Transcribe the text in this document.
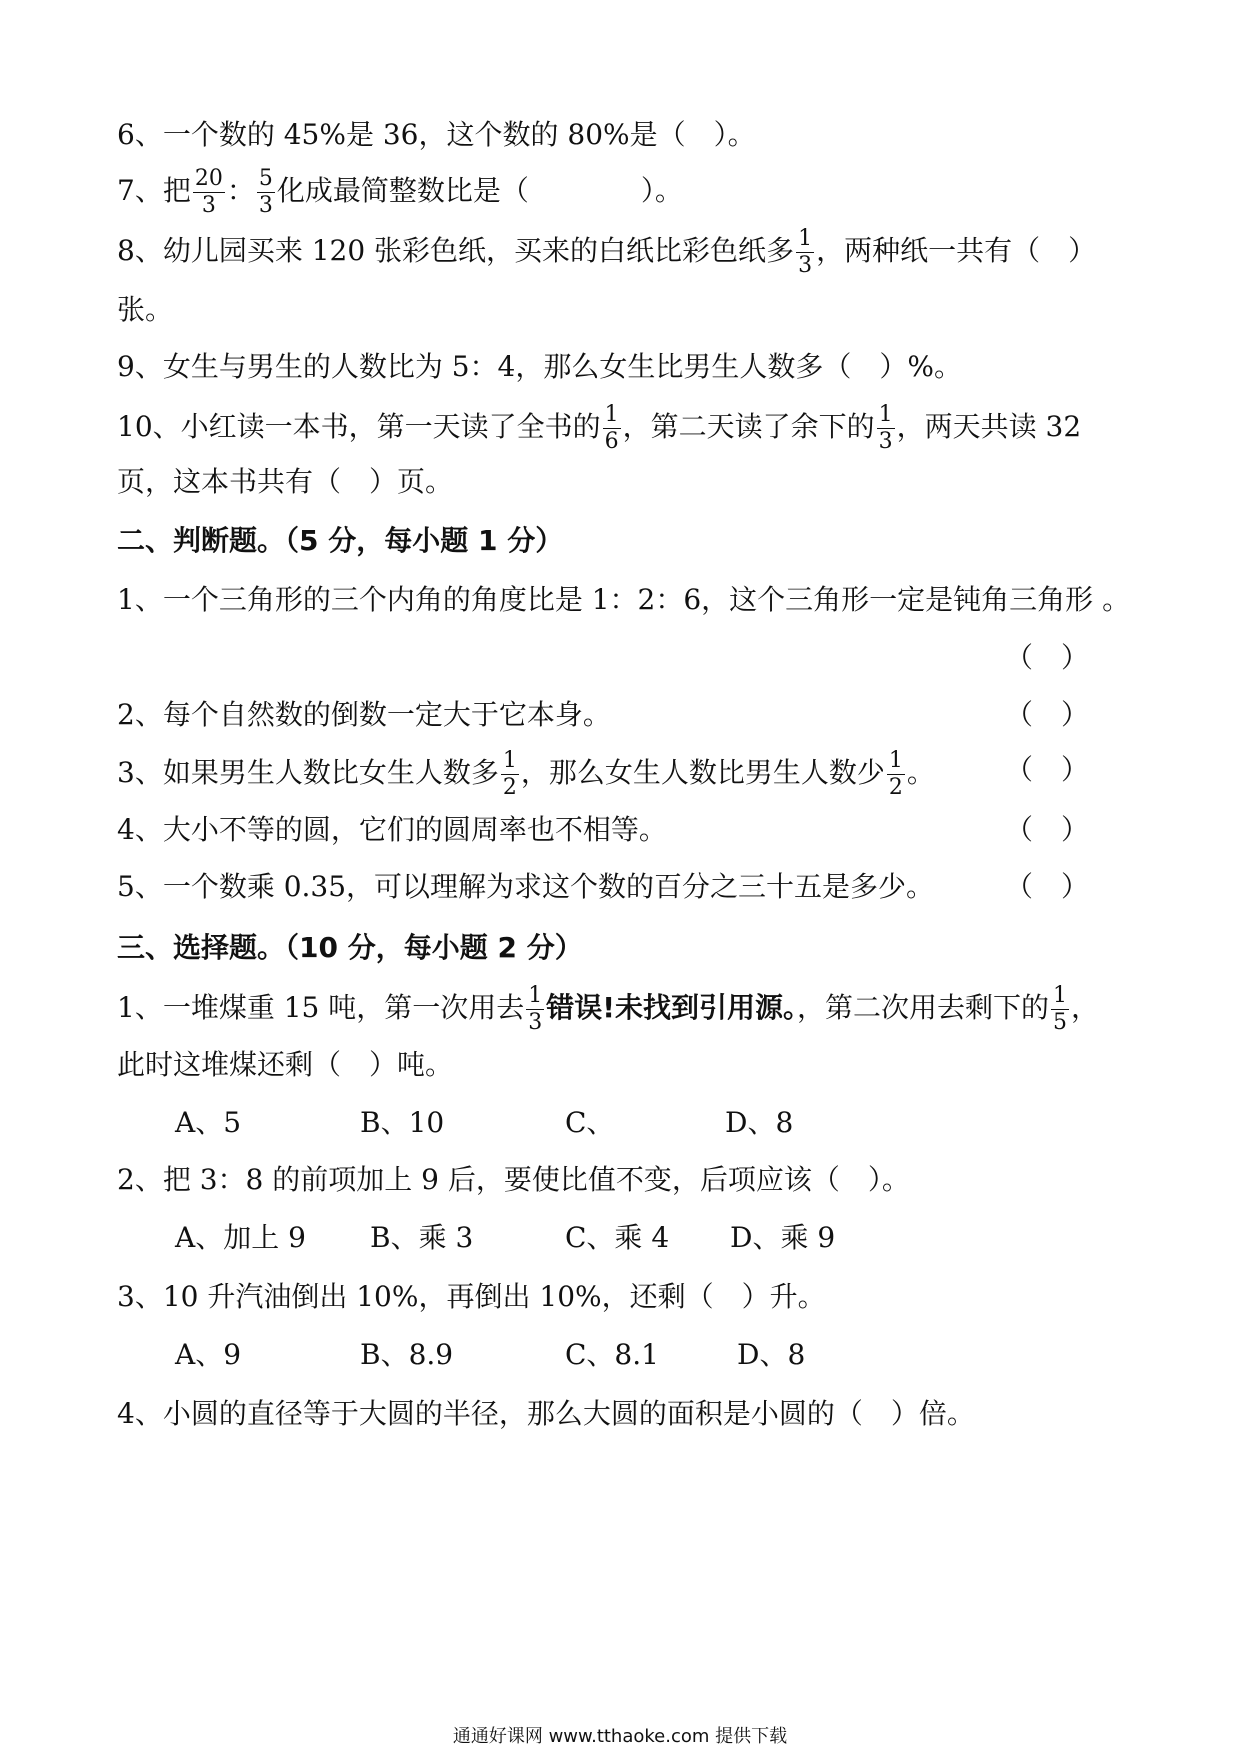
6、一个数的 45%是 36，这个数的 80%是（　）。
7、把 $\frac{20}{3}$ ： $\frac{5}{3}$ 化成最简整数比是（　　　　）。
8、幼儿园买来 120 张彩色纸，买来的白纸比彩色纸多 $\frac{1}{3}$ ，两种纸一共有（　）
张。
9、女生与男生的人数比为 5：4，那么女生比男生人数多（　）%。
10、小红读一本书，第一天读了全书的 $\frac{1}{6}$ ，第二天读了余下的 $\frac{1}{3}$ ，两天共读 32
页，这本书共有（　）页。
二、判断题。（5 分，每小题 1 分）
1、一个三角形的三个内角的角度比是 1：2：6，这个三角形一定是钝角三角形 。
（　）
2、每个自然数的倒数一定大于它本身。	（　）
3、如果男生人数比女生人数多 $\frac{1}{2}$ ，那么女生人数比男生人数少 $\frac{1}{2}$ 。	（　）
4、大小不等的圆，它们的圆周率也不相等。	（　）
5、一个数乘 0.35，可以理解为求这个数的百分之三十五是多少。	（　）
三、选择题。（10 分，每小题 2 分）
1、一堆煤重 15 吨，第一次用去 $\frac{1}{3}$ 错误!未找到引用源。，第二次用去剩下的 $\frac{1}{5}$ ，
此时这堆煤还剩（　）吨。
A、5	B、10	C、	D、8
2、把 3：8 的前项加上 9 后，要使比值不变，后项应该（　）。
A、加上 9 B、乘 3	C、乘 4 D、乘 9
3、10 升汽油倒出 10%，再倒出 10%，还剩（　）升。
A、9	B、8.9	C、8.1	D、8
4、小圆的直径等于大圆的半径，那么大圆的面积是小圆的（　）倍。
通通好课网 www.tthaoke.com 提供下载
